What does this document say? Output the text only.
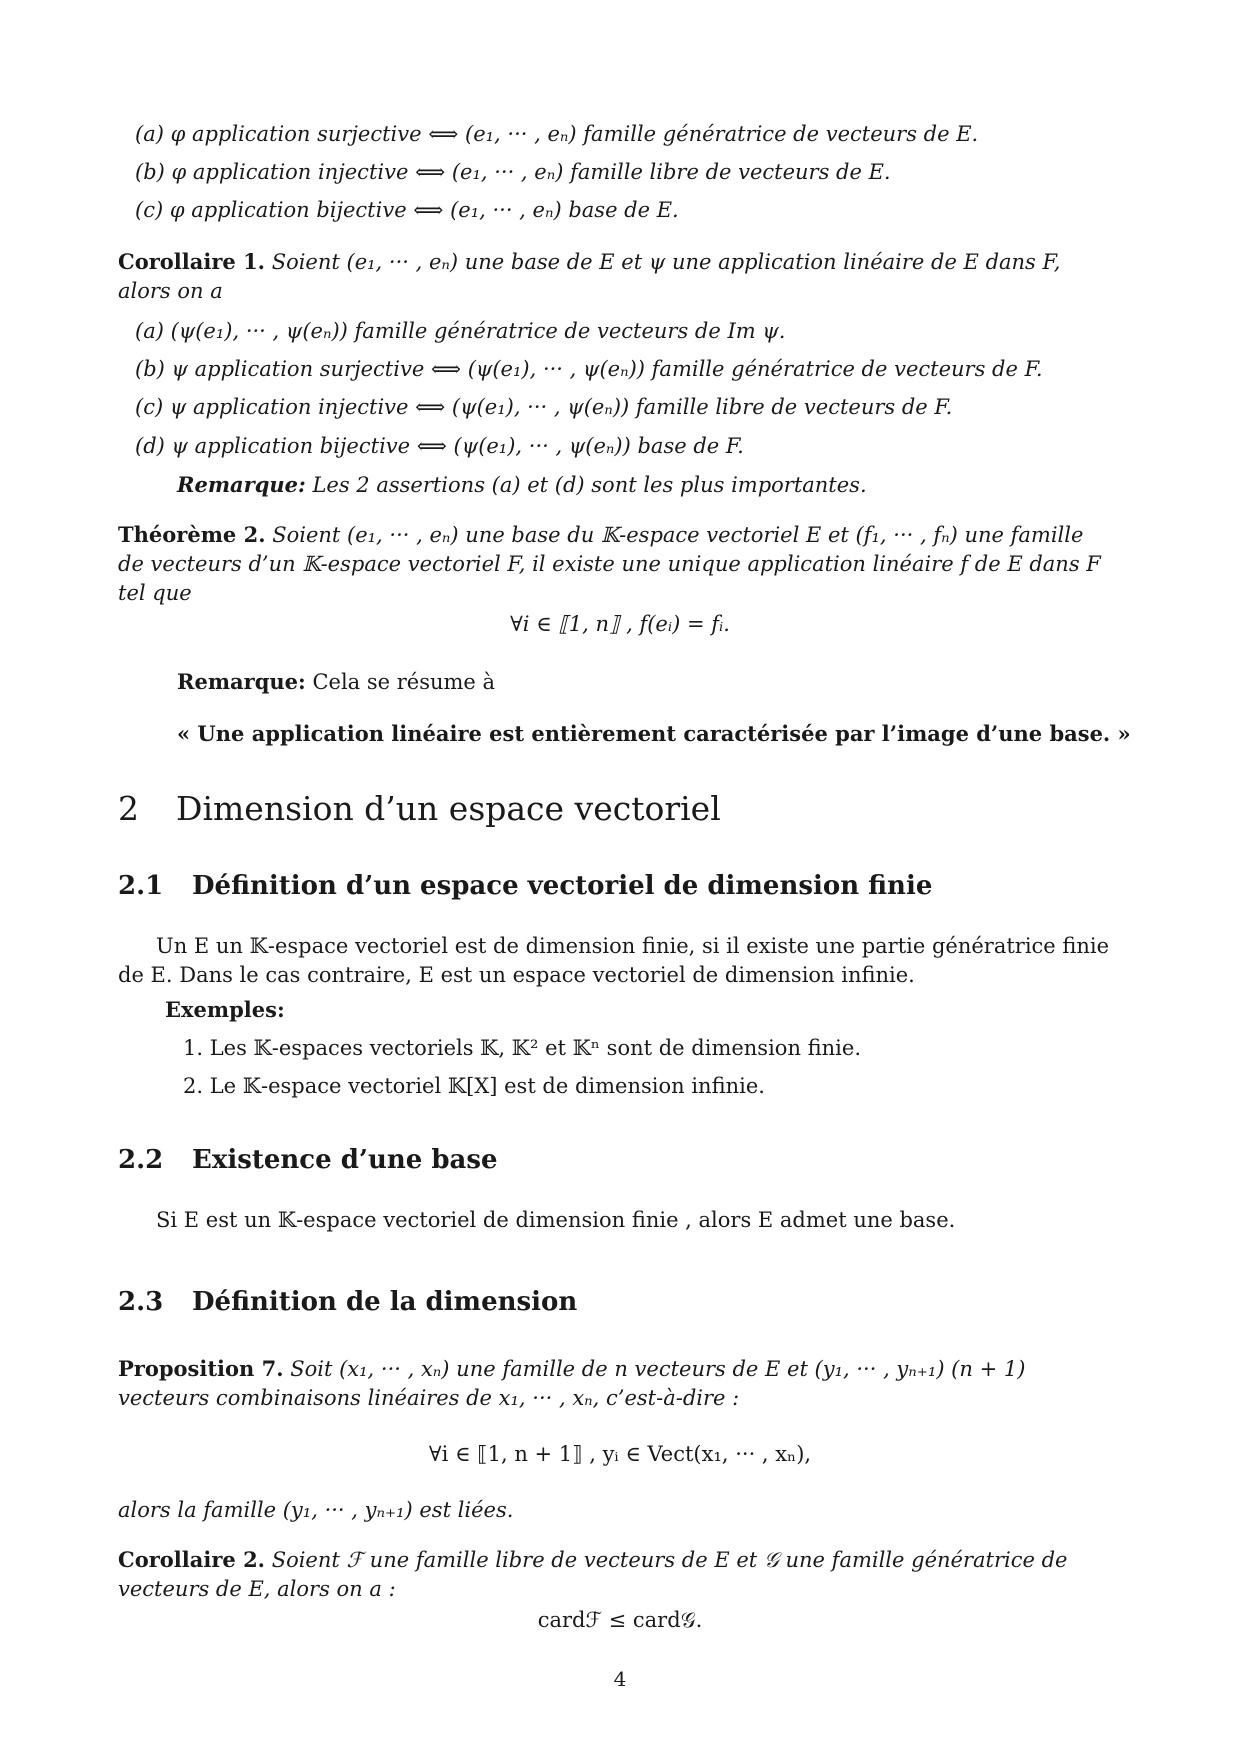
(a) φ application surjective ⟺ (e₁, ··· , eₙ) famille génératrice de vecteurs de E.
(b) φ application injective ⟺ (e₁, ··· , eₙ) famille libre de vecteurs de E.
(c) φ application bijective ⟺ (e₁, ··· , eₙ) base de E.
Corollaire 1. Soient (e₁, ··· , eₙ) une base de E et ψ une application linéaire de E dans F,
alors on a
(a) (ψ(e₁), ··· , ψ(eₙ)) famille génératrice de vecteurs de Im ψ.
(b) ψ application surjective ⟺ (ψ(e₁), ··· , ψ(eₙ)) famille génératrice de vecteurs de F.
(c) ψ application injective ⟺ (ψ(e₁), ··· , ψ(eₙ)) famille libre de vecteurs de F.
(d) ψ application bijective ⟺ (ψ(e₁), ··· , ψ(eₙ)) base de F.
Remarque: Les 2 assertions (a) et (d) sont les plus importantes.
Théorème 2. Soient (e₁, ··· , eₙ) une base du 𝕂-espace vectoriel E et (f₁, ··· , fₙ) une famille
de vecteurs d’un 𝕂-espace vectoriel F, il existe une unique application linéaire f de E dans F
tel que
∀i ∈ ⟦1, n⟧ , f(eᵢ) = fᵢ.
Remarque: Cela se résume à
« Une application linéaire est entièrement caractérisée par l’image d’une base. »
2 Dimension d’un espace vectoriel
2.1 Définition d’un espace vectoriel de dimension finie
Un E un 𝕂-espace vectoriel est de dimension finie, si il existe une partie génératrice finie
de E. Dans le cas contraire, E est un espace vectoriel de dimension infinie.
Exemples:
1. Les 𝕂-espaces vectoriels 𝕂, 𝕂² et 𝕂ⁿ sont de dimension finie.
2. Le 𝕂-espace vectoriel 𝕂[X] est de dimension infinie.
2.2 Existence d’une base
Si E est un 𝕂-espace vectoriel de dimension finie , alors E admet une base.
2.3 Définition de la dimension
Proposition 7. Soit (x₁, ··· , xₙ) une famille de n vecteurs de E et (y₁, ··· , yₙ₊₁) (n + 1)
vecteurs combinaisons linéaires de x₁, ··· , xₙ, c’est-à-dire :
∀i ∈ ⟦1, n + 1⟧ , yᵢ ∈ Vect(x₁, ··· , xₙ),
alors la famille (y₁, ··· , yₙ₊₁) est liées.
Corollaire 2. Soient ℱ une famille libre de vecteurs de E et 𝒢 une famille génératrice de
vecteurs de E, alors on a :
cardℱ ≤ card𝒢.
4
